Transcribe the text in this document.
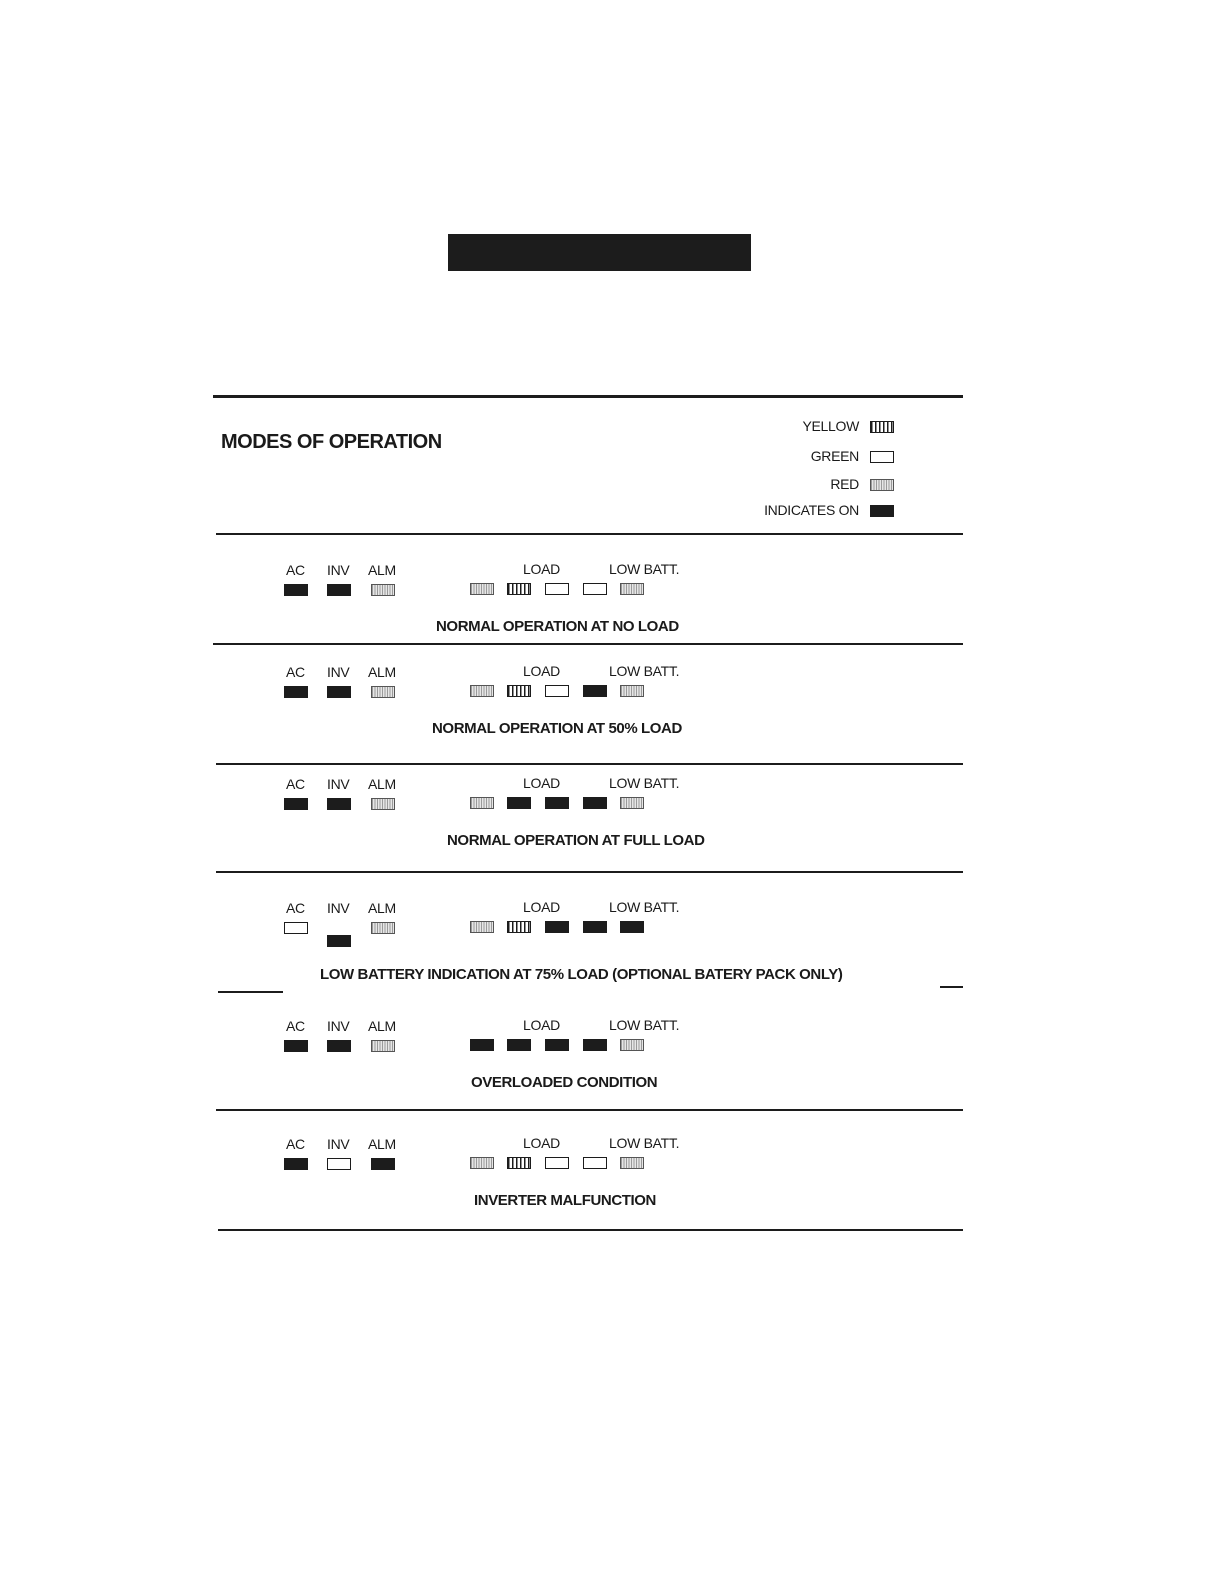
MODES OF OPERATION
YELLOW
GREEN
RED
INDICATES ON
AC INV ALM	LOAD	LOW BATT.
NORMAL OPERATION AT NO LOAD
AC INV ALM	LOAD	LOW BATT.
NORMAL OPERATION AT 50% LOAD
AC INV ALM	LOAD	LOW BATT.
NORMAL OPERATION AT FULL LOAD
AC INV ALM	LOAD	LOW BATT.
LOW BATTERY INDICATION AT 75% LOAD (OPTIONAL BATERY PACK ONLY)
AC INV ALM	LOAD	LOW BATT.
OVERLOADED CONDITION
AC INV ALM	LOAD	LOW BATT.
INVERTER MALFUNCTION
